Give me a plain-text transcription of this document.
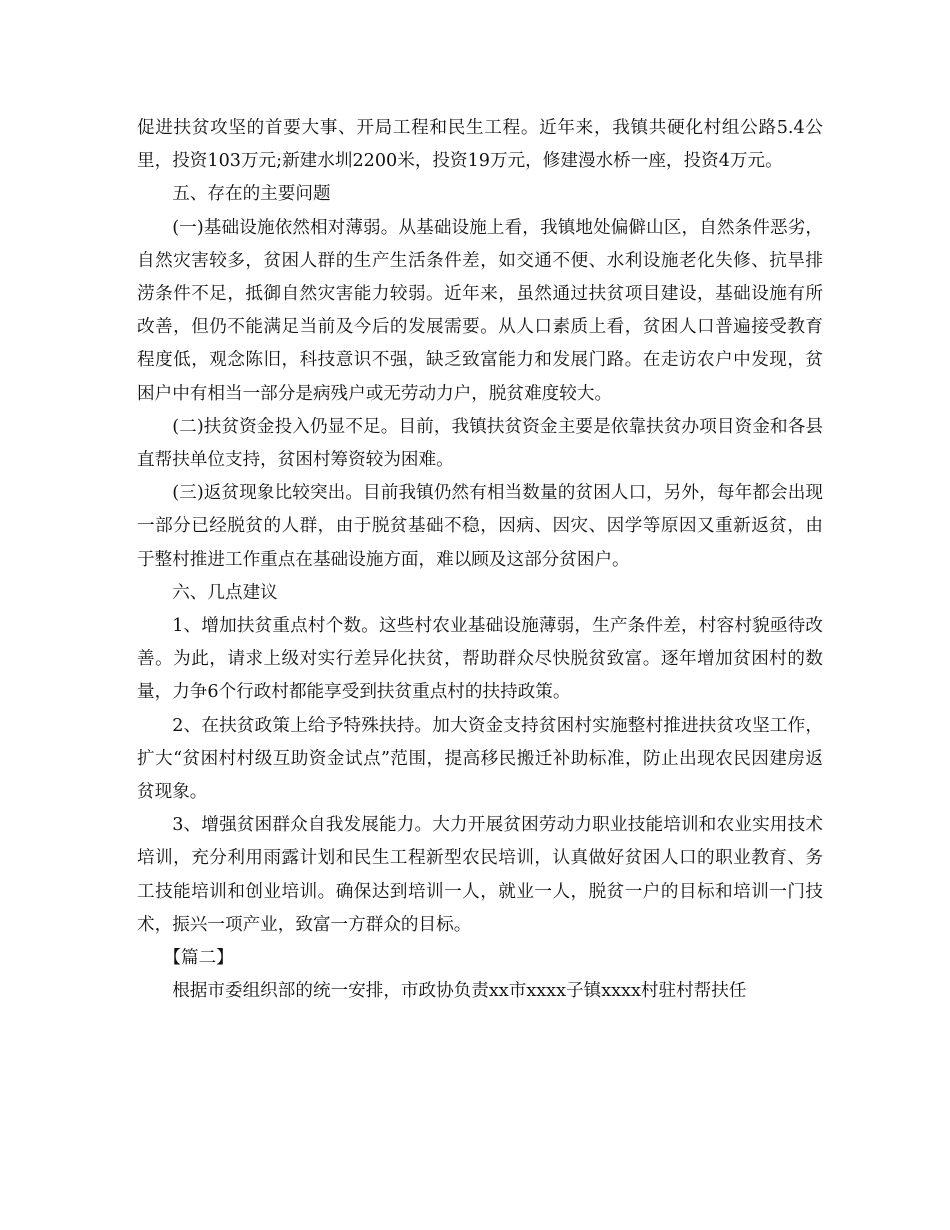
促进扶贫攻坚的首要大事、开局工程和民生工程。近年来，我镇共硬化村组公路5.4公里，投资103万元;新建水圳2200米，投资19万元，修建漫水桥一座，投资4万元。

五、存在的主要问题

(一)基础设施依然相对薄弱。从基础设施上看，我镇地处偏僻山区，自然条件恶劣，自然灾害较多，贫困人群的生产生活条件差，如交通不便、水利设施老化失修、抗旱排涝条件不足，抵御自然灾害能力较弱。近年来，虽然通过扶贫项目建设，基础设施有所改善，但仍不能满足当前及今后的发展需要。从人口素质上看，贫困人口普遍接受教育程度低，观念陈旧，科技意识不强，缺乏致富能力和发展门路。在走访农户中发现，贫困户中有相当一部分是病残户或无劳动力户，脱贫难度较大。

(二)扶贫资金投入仍显不足。目前，我镇扶贫资金主要是依靠扶贫办项目资金和各县直帮扶单位支持，贫困村筹资较为困难。

(三)返贫现象比较突出。目前我镇仍然有相当数量的贫困人口，另外，每年都会出现一部分已经脱贫的人群，由于脱贫基础不稳，因病、因灾、因学等原因又重新返贫，由于整村推进工作重点在基础设施方面，难以顾及这部分贫困户。

六、几点建议

1、增加扶贫重点村个数。这些村农业基础设施薄弱，生产条件差，村容村貌亟待改善。为此，请求上级对实行差异化扶贫，帮助群众尽快脱贫致富。逐年增加贫困村的数量，力争6个行政村都能享受到扶贫重点村的扶持政策。

2、在扶贫政策上给予特殊扶持。加大资金支持贫困村实施整村推进扶贫攻坚工作，扩大“贫困村村级互助资金试点”范围，提高移民搬迁补助标准，防止出现农民因建房返贫现象。

3、增强贫困群众自我发展能力。大力开展贫困劳动力职业技能培训和农业实用技术培训，充分利用雨露计划和民生工程新型农民培训，认真做好贫困人口的职业教育、务工技能培训和创业培训。确保达到培训一人，就业一人，脱贫一户的目标和培训一门技术，振兴一项产业，致富一方群众的目标。

【篇二】

根据市委组织部的统一安排，市政协负责xx市xxxx子镇xxxx村驻村帮扶任
